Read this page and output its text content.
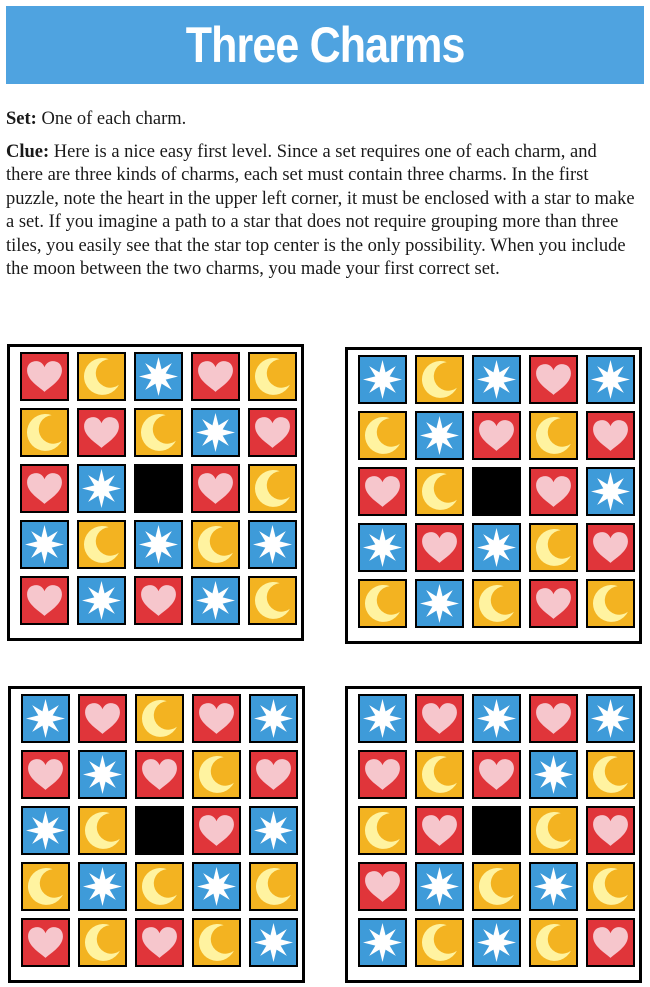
Three Charms

Set: One of each charm.

Clue: Here is a nice easy first level. Since a set requires one of each charm, and there are three kinds of charms, each set must contain three charms. In the first puzzle, note the heart in the upper left corner, it must be enclosed with a star to make a set. If you imagine a path to a star that does not require grouping more than three tiles, you easily see that the star top center is the only possibility. When you include the moon between the two charms, you made your first correct set.
